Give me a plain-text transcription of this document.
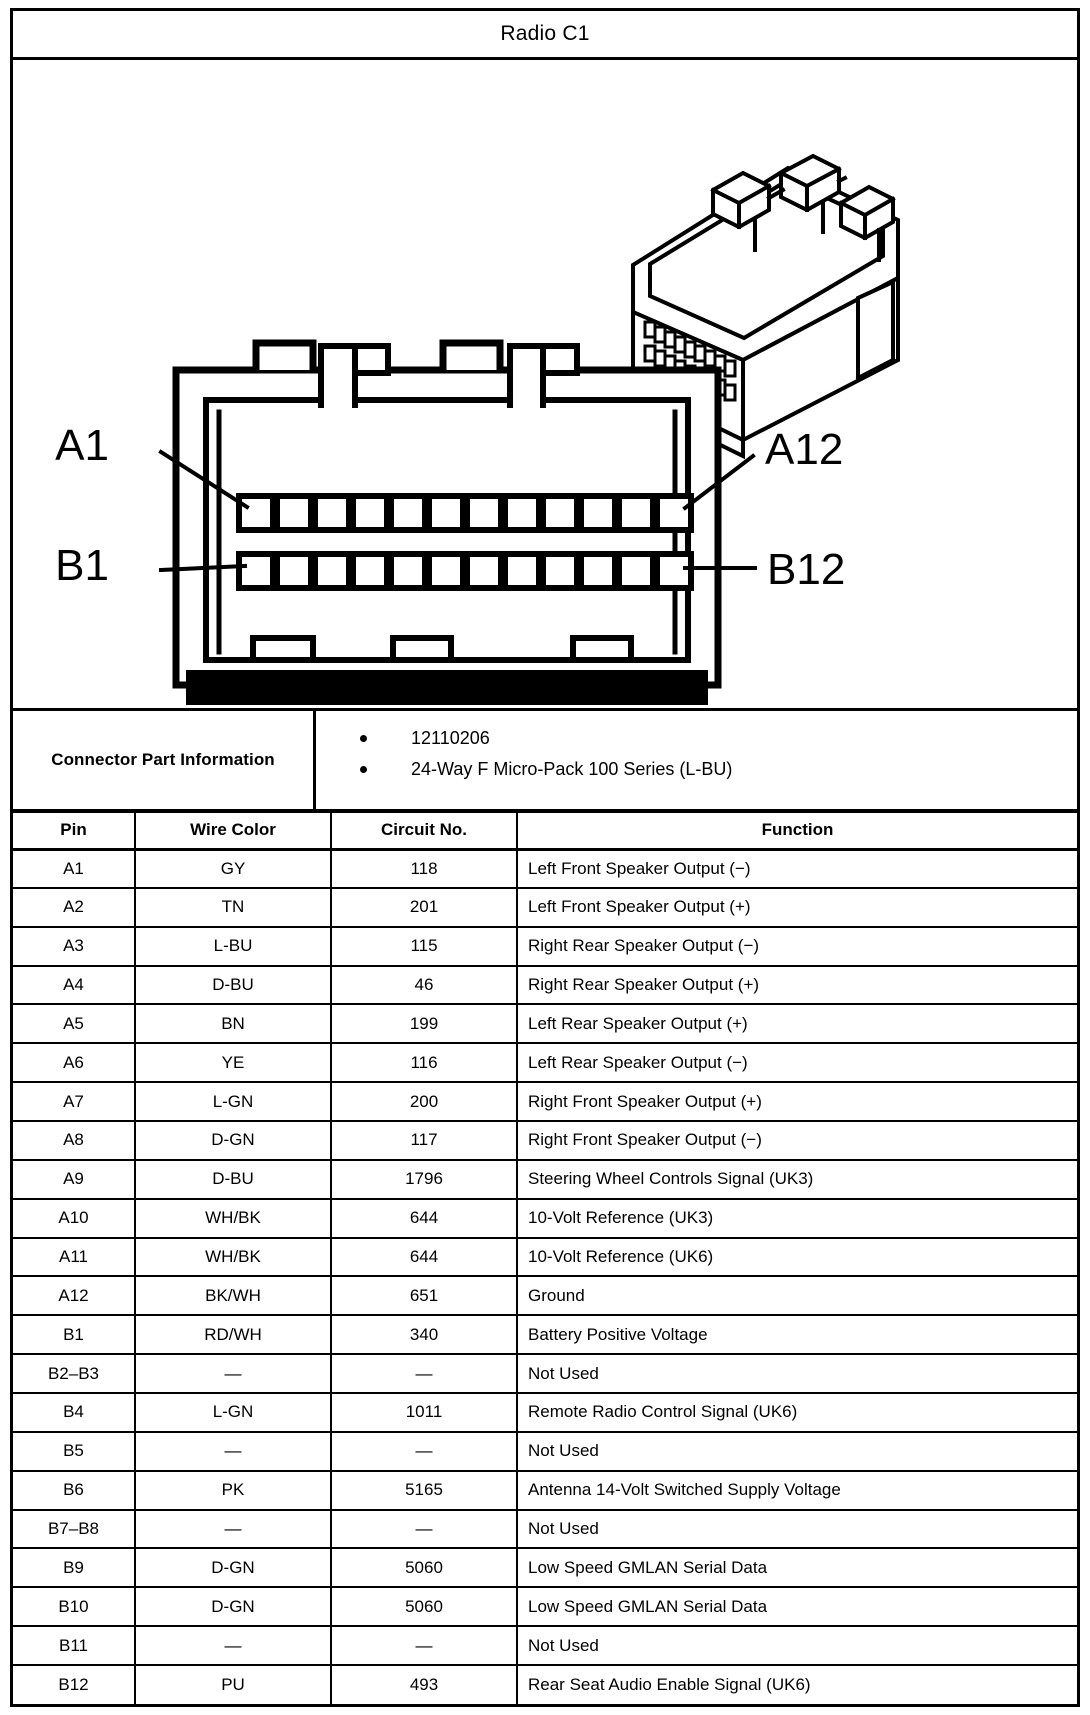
Radio C1
A1	A12
B1	B12
Connector Part Information
12110206
24-Way F Micro-Pack 100 Series (L-BU)
Pin	Wire Color	Circuit No.	Function
A1	GY	118	Left Front Speaker Output (−)
A2	TN	201	Left Front Speaker Output (+)
A3	L-BU	115	Right Rear Speaker Output (−)
A4	D-BU	46	Right Rear Speaker Output (+)
A5	BN	199	Left Rear Speaker Output (+)
A6	YE	116	Left Rear Speaker Output (−)
A7	L-GN	200	Right Front Speaker Output (+)
A8	D-GN	117	Right Front Speaker Output (−)
A9	D-BU	1796	Steering Wheel Controls Signal (UK3)
A10	WH/BK	644	10-Volt Reference (UK3)
A11	WH/BK	644	10-Volt Reference (UK6)
A12	BK/WH	651	Ground
B1	RD/WH	340	Battery Positive Voltage
B2–B3	—	—	Not Used
B4	L-GN	1011	Remote Radio Control Signal (UK6)
B5	—	—	Not Used
B6	PK	5165	Antenna 14-Volt Switched Supply Voltage
B7–B8	—	—	Not Used
B9	D-GN	5060	Low Speed GMLAN Serial Data
B10	D-GN	5060	Low Speed GMLAN Serial Data
B11	—	—	Not Used
B12	PU	493	Rear Seat Audio Enable Signal (UK6)
